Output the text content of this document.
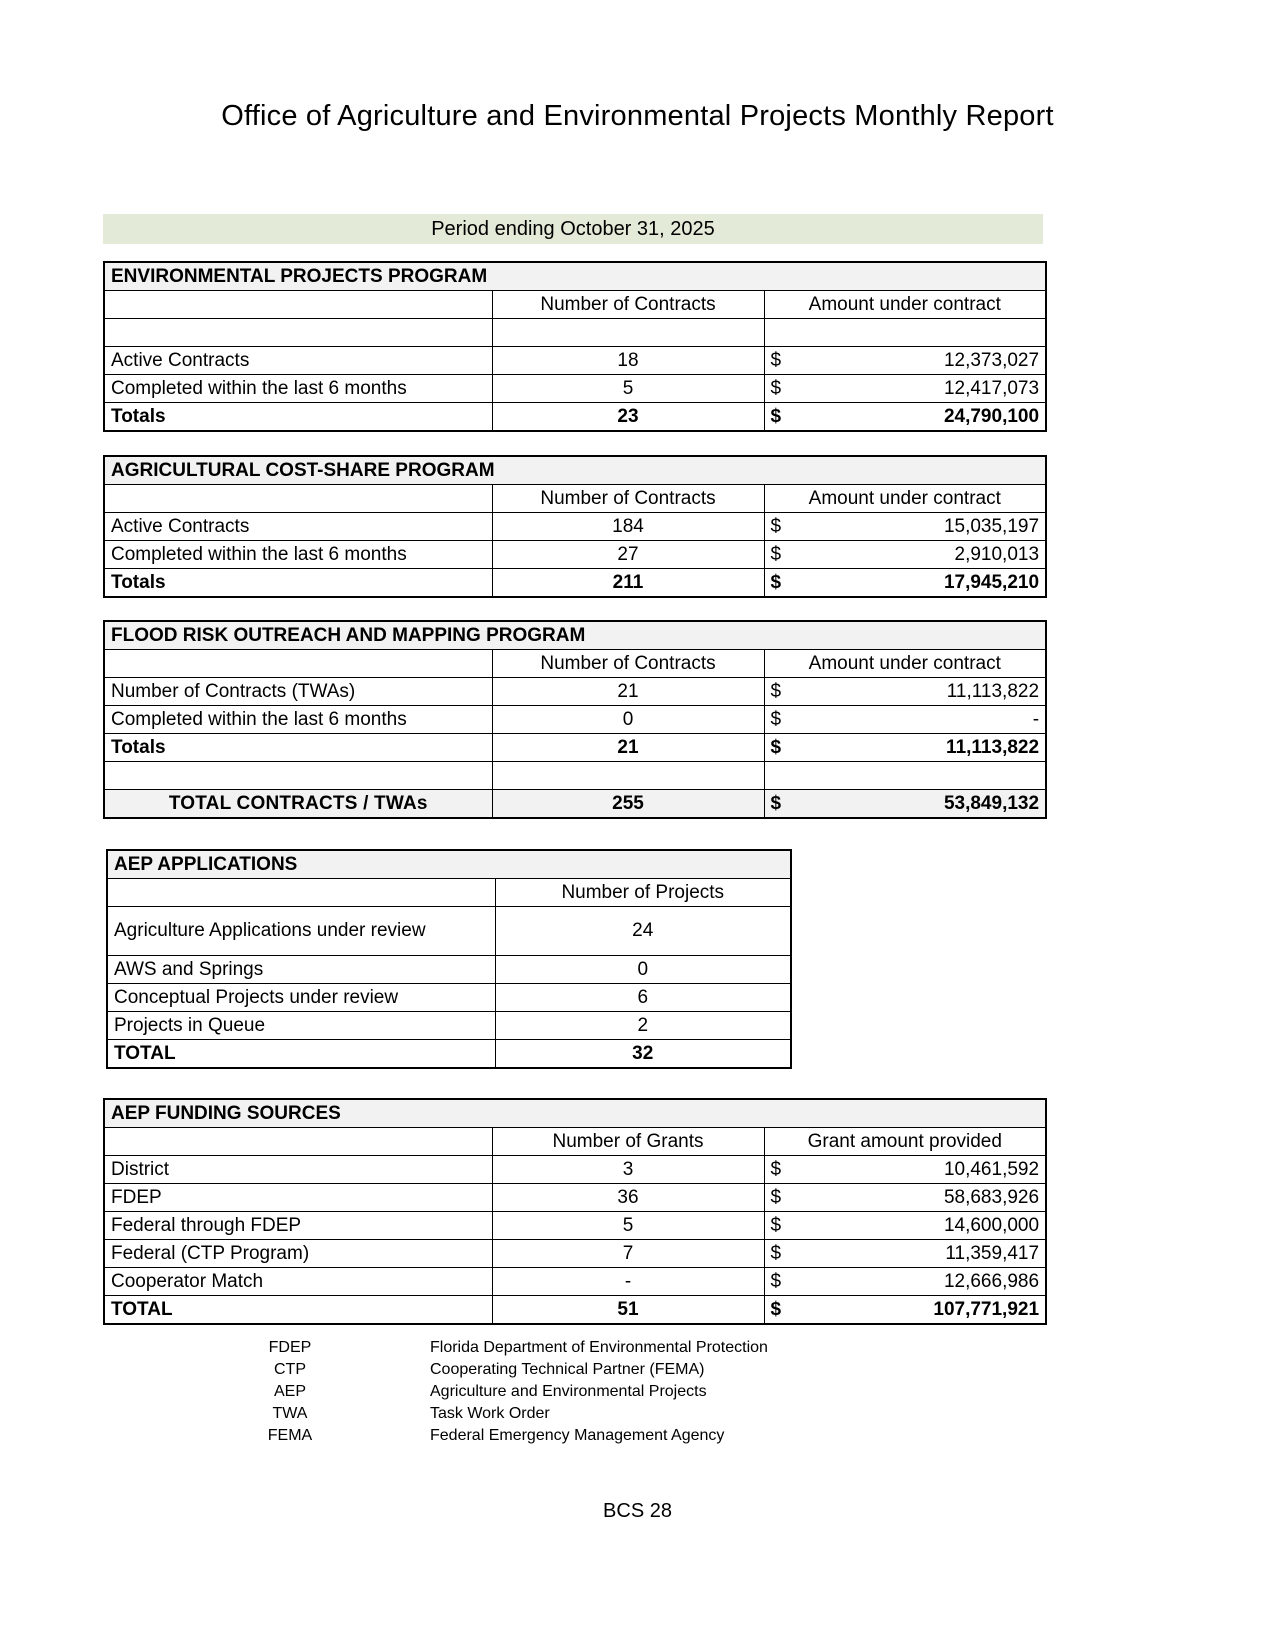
Office of Agriculture and Environmental Projects Monthly Report
Period ending October 31, 2025
ENVIRONMENTAL PROJECTS PROGRAM			
	Number of Contracts	Amount under contract	

Active Contracts	18	$	12,373,027
Completed within the last 6 months	5	$	12,417,073
Totals	23	$	24,790,100
AGRICULTURAL COST-SHARE PROGRAM			
	Number of Contracts	Amount under contract	
Active Contracts	184	$	15,035,197
Completed within the last 6 months	27	$	2,910,013
Totals	211	$	17,945,210
FLOOD RISK OUTREACH AND MAPPING PROGRAM			
	Number of Contracts	Amount under contract	
Number of Contracts (TWAs)	21	$	11,113,822
Completed within the last 6 months	0	$	-
Totals	21	$	11,113,822

TOTAL CONTRACTS / TWAs	255	$	53,849,132
AEP APPLICATIONS	
	Number of Projects
Agriculture Applications under review	24
AWS and Springs	0
Conceptual Projects under review	6
Projects in Queue	2
TOTAL	32
AEP FUNDING SOURCES			
	Number of Grants	Grant amount provided	
District	3	$	10,461,592
FDEP	36	$	58,683,926
Federal through FDEP	5	$	14,600,000
Federal (CTP Program)	7	$	11,359,417
Cooperator Match	-	$	12,666,986
TOTAL	51	$	107,771,921
FDEP	Florida Department of Environmental Protection
CTP	Cooperating Technical Partner (FEMA)
AEP	Agriculture and Environmental Projects
TWA	Task Work Order
FEMA	Federal Emergency Management Agency
BCS 28
